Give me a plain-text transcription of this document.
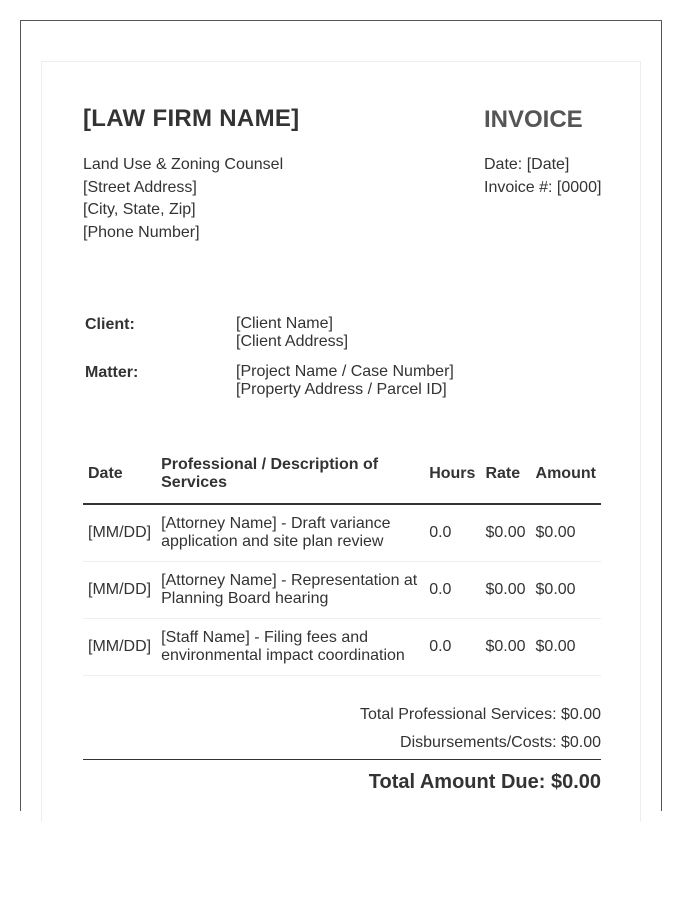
[LAW FIRM NAME]	INVOICE
Land Use & Zoning Counsel
[Street Address]
[City, State, Zip]
[Phone Number]
Date: [Date]
Invoice #: [0000]
Client:	[Client Name]
[Client Address]
Matter:	[Project Name / Case Number]
[Property Address / Parcel ID]
Date	Professional / Description of Services	Hours	Rate	Amount
[MM/DD]	[Attorney Name] - Draft variance application and site plan review	0.0	$0.00	$0.00
[MM/DD]	[Attorney Name] - Representation at Planning Board hearing	0.0	$0.00	$0.00
[MM/DD]	[Staff Name] - Filing fees and environmental impact coordination	0.0	$0.00	$0.00
Total Professional Services: $0.00
Disbursements/Costs: $0.00
Total Amount Due: $0.00
